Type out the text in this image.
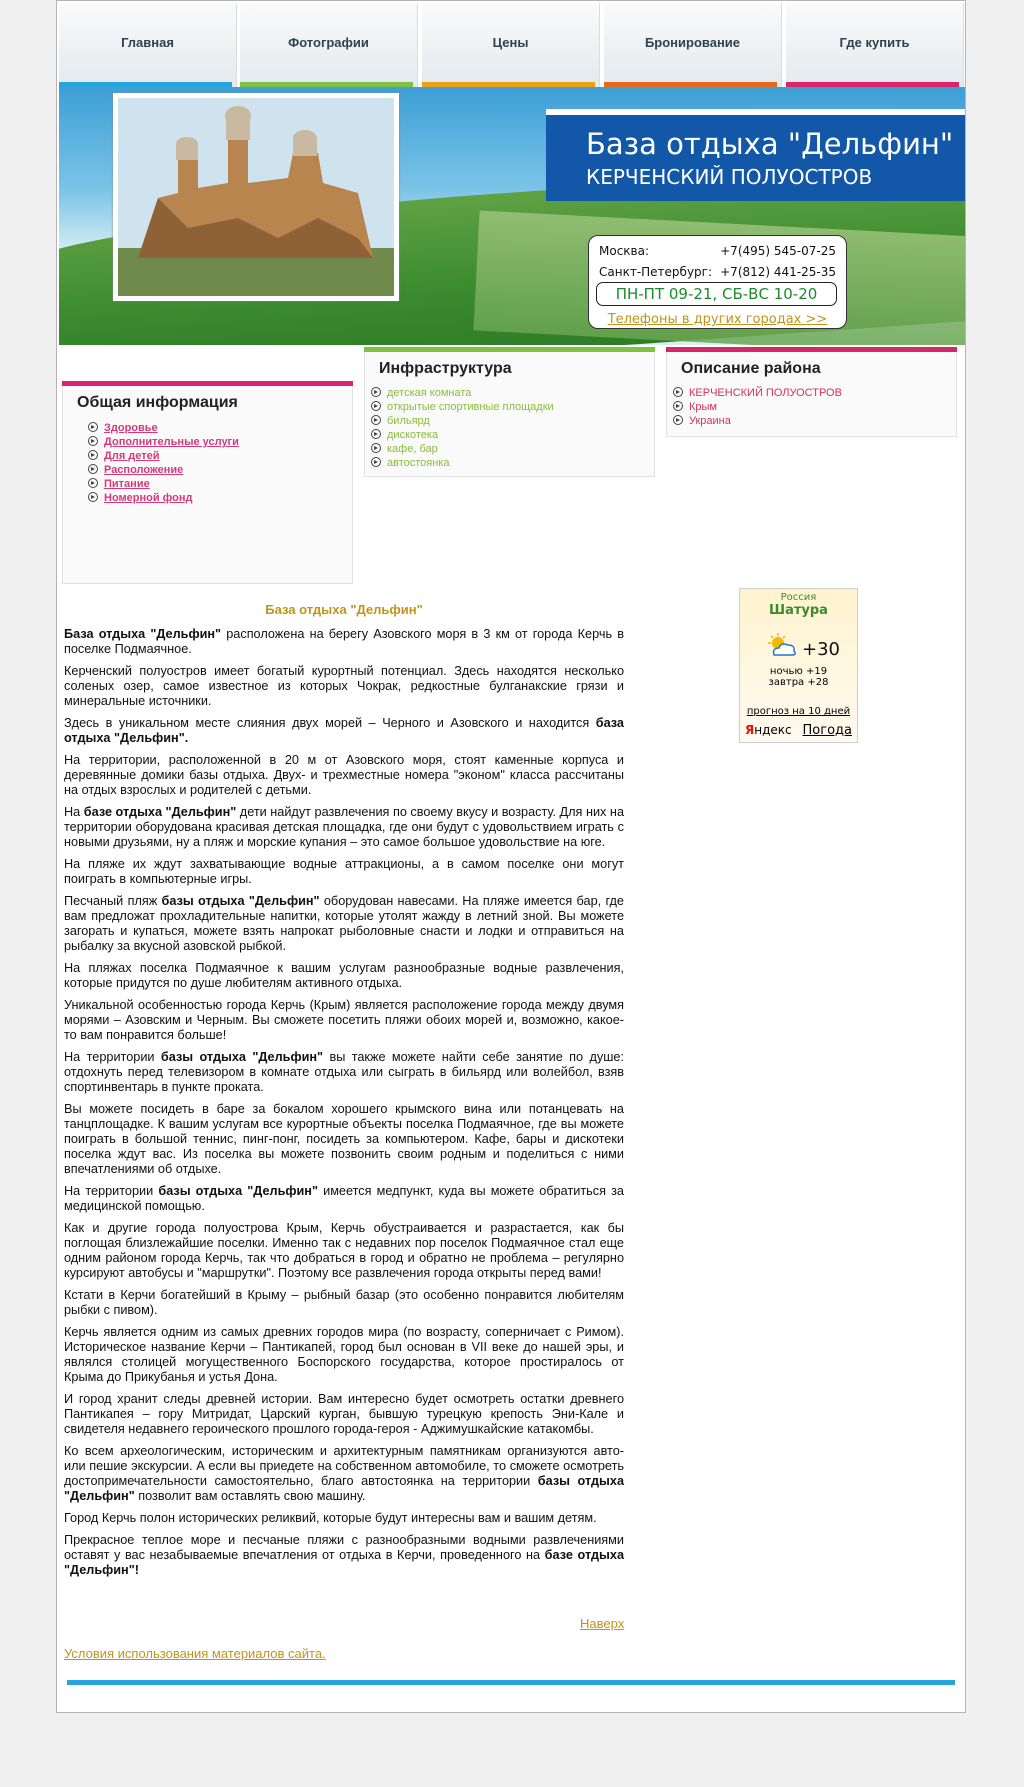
Главная	Фотографии	Цены	Бронирование	Где купить
База отдыха "Дельфин"
КЕРЧЕНСКИЙ ПОЛУОСТРОВ
Москва:	+7(495) 545-07-25
Санкт-Петербург: +7(812) 441-25-35
ПН-ПТ 09-21, СБ-ВС 10-20
Телефоны в других городах >>
Общая информация
Здоровье
Дополнительные услуги
Для детей
Расположение
Питание
Номерной фонд
Инфраструктура
детская комната
открытые спортивные площадки
бильярд
дискотека
кафе, бар
автостоянка
Описание района
КЕРЧЕНСКИЙ ПОЛУОСТРОВ
Крым
Украина
База отдыха "Дельфин"

База отдыха "Дельфин" расположена на берегу Азовского моря в 3 км от города Керчь в поселке Подмаячное.

Керченский полуостров имеет богатый курортный потенциал. Здесь находятся несколько соленых озер, самое известное из которых Чокрак, редкостные булганакские грязи и минеральные источники.

Здесь в уникальном месте слияния двух морей – Черного и Азовского и находится база отдыха "Дельфин".

На территории, расположенной в 20 м от Азовского моря, стоят каменные корпуса и деревянные домики базы отдыха. Двух- и трехместные номера "эконом" класса рассчитаны на отдых взрослых и родителей с детьми.

На базе отдыха "Дельфин" дети найдут развлечения по своему вкусу и возрасту. Для них на территории оборудована красивая детская площадка, где они будут с удовольствием играть с новыми друзьями, ну а пляж и морские купания – это самое большое удовольствие на юге.

На пляже их ждут захватывающие водные аттракционы, а в самом поселке они могут поиграть в компьютерные игры.

Песчаный пляж базы отдыха "Дельфин" оборудован навесами. На пляже имеется бар, где вам предложат прохладительные напитки, которые утолят жажду в летний зной. Вы можете загорать и купаться, можете взять напрокат рыболовные снасти и лодки и отправиться на рыбалку за вкусной азовской рыбкой.

На пляжах поселка Подмаячное к вашим услугам разнообразные водные развлечения, которые придутся по душе любителям активного отдыха.

Уникальной особенностью города Керчь (Крым) является расположение города между двумя морями – Азовским и Черным. Вы сможете посетить пляжи обоих морей и, возможно, какое-то вам понравится больше!

На территории базы отдыха "Дельфин" вы также можете найти себе занятие по душе: отдохнуть перед телевизором в комнате отдыха или сыграть в бильярд или волейбол, взяв спортинвентарь в пункте проката.

Вы можете посидеть в баре за бокалом хорошего крымского вина или потанцевать на танцплощадке. К вашим услугам все курортные объекты поселка Подмаячное, где вы можете поиграть в большой теннис, пинг-понг, посидеть за компьютером. Кафе, бары и дискотеки поселка ждут вас. Из поселка вы можете позвонить своим родным и поделиться с ними впечатлениями об отдыхе.

На территории базы отдыха "Дельфин" имеется медпункт, куда вы можете обратиться за медицинской помощью.

Как и другие города полуострова Крым, Керчь обустраивается и разрастается, как бы поглощая близлежайшие поселки. Именно так с недавних пор поселок Подмаячное стал еще одним районом города Керчь, так что добраться в город и обратно не проблема – регулярно курсируют автобусы и "маршрутки". Поэтому все развлечения города открыты перед вами!

Кстати в Керчи богатейший в Крыму – рыбный базар (это особенно понравится любителям рыбки с пивом).

Керчь является одним из самых древних городов мира (по возрасту, соперничает с Римом). Историческое название Керчи – Пантикапей, город был основан в VII веке до нашей эры, и являлся столицей могущественного Боспорского государства, которое простиралось от Крыма до Прикубанья и устья Дона.

И город хранит следы древней истории. Вам интересно будет осмотреть остатки древнего Пантикапея – гору Митридат, Царский курган, бывшую турецкую крепость Эни-Кале и свидетеля недавнего героического прошлого города-героя - Аджимушкайские катакомбы.

Ко всем археологическим, историческим и архитектурным памятникам организуются авто- или пешие экскурсии. А если вы приедете на собственном автомобиле, то сможете осмотреть достопримечательности самостоятельно, благо автостоянка на территории базы отдыха "Дельфин" позволит вам оставлять свою машину.

Город Керчь полон исторических реликвий, которые будут интересны вам и вашим детям.

Прекрасное теплое море и песчаные пляжи с разнообразными водными развлечениями оставят у вас незабываемые впечатления от отдыха в Керчи, проведенного на базе отдыха "Дельфин"!

Наверх
Условия использования материалов сайта.
Россия
Шатура
+30
ночью +19
завтра +28
прогноз на 10 дней
Яндекс Погода
